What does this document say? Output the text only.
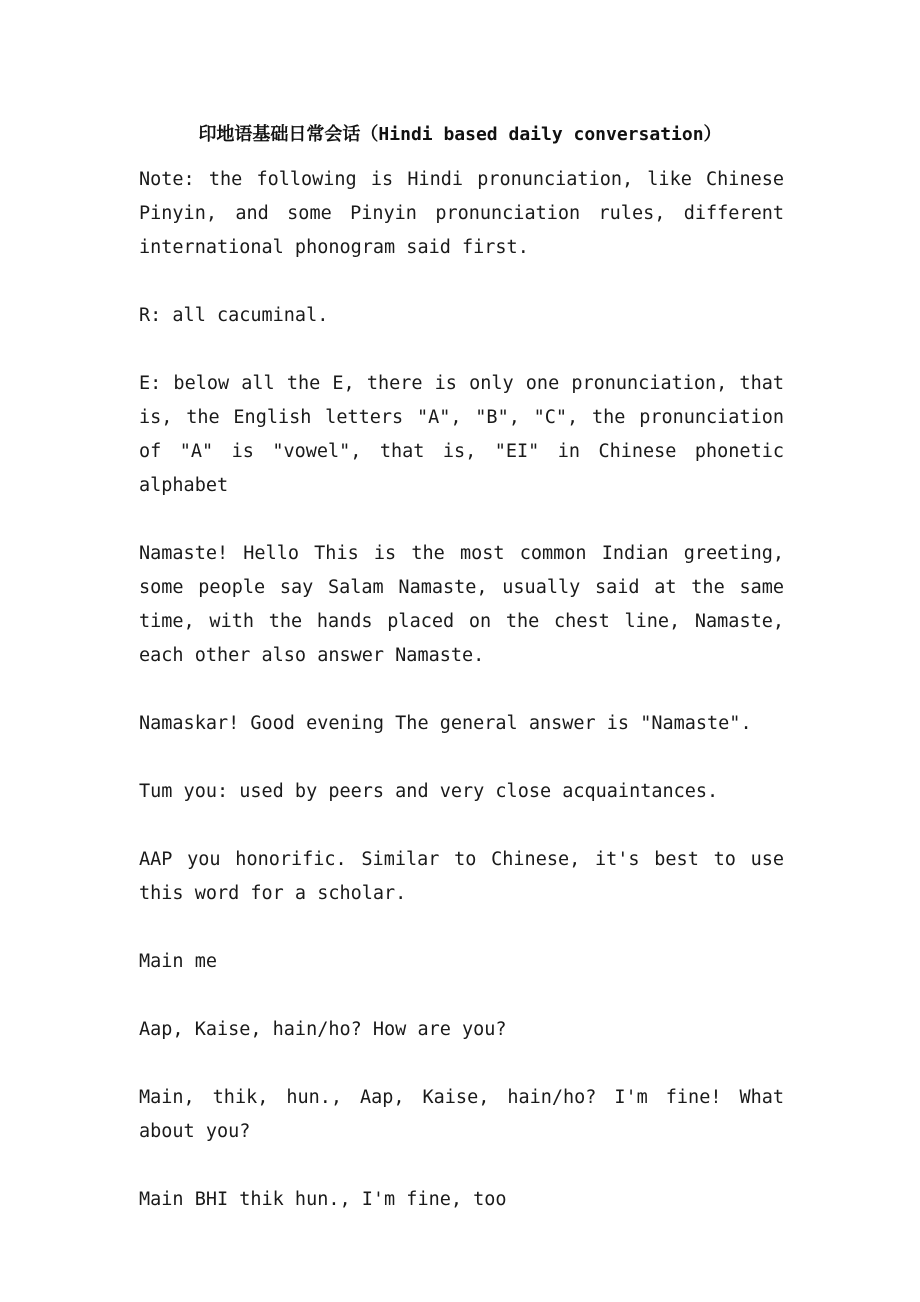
印地语基础日常会话（Hindi based daily conversation）

Note: the following is Hindi pronunciation, like Chinese Pinyin, and some Pinyin pronunciation rules, different international phonogram said first.

R: all cacuminal.

E: below all the E, there is only one pronunciation, that is, the English letters "A", "B", "C", the pronunciation of "A" is "vowel", that is, "EI" in Chinese phonetic alphabet

Namaste! Hello This is the most common Indian greeting, some people say Salam Namaste, usually said at the same time, with the hands placed on the chest line, Namaste, each other also answer Namaste.

Namaskar! Good evening The general answer is "Namaste".

Tum you: used by peers and very close acquaintances.

AAP you honorific. Similar to Chinese, it's best to use this word for a scholar.

Main me

Aap, Kaise, hain/ho? How are you?

Main, thik, hun., Aap, Kaise, hain/ho? I'm fine! What about you?

Main BHI thik hun., I'm fine, too
